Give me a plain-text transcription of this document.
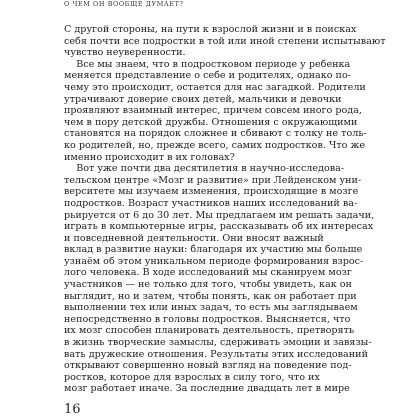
О ЧЕМ ОН ВООБЩЕ ДУМАЕТ?
С другой стороны, на пути к взрослой жизни и в поисках
себя почти все подростки в той или иной степени испытывают
чувство неуверенности.
Все мы знаем, что в подростковом периоде у ребенка
меняется представление о себе и родителях, однако по-
чему это происходит, остается для нас загадкой. Родители
утрачивают доверие своих детей, мальчики и девочки
проявляют взаимный интерес, причем совсем иного рода,
чем в пору детской дружбы. Отношения с окружающими
становятся на порядок сложнее и сбивают с толку не толь-
ко родителей, но, прежде всего, самих подростков. Что же
именно происходит в их головах?
Вот уже почти два десятилетия в научно-исследова-
тельском центре «Мозг и развитие» при Лейденском уни-
верситете мы изучаем изменения, происходящие в мозге
подростков. Возраст участников наших исследований ва-
рьируется от 6 до 30 лет. Мы предлагаем им решать задачи,
играть в компьютерные игры, рассказывать об их интересах
и повседневной деятельности. Они вносят важный
вклад в развитие науки: благодаря их участию мы больше
узнаём об этом уникальном периоде формирования взрос-
лого человека. В ходе исследований мы сканируем мозг
участников — не только для того, чтобы увидеть, как он
выглядит, но и затем, чтобы понять, как он работает при
выполнении тех или иных задач, то есть мы заглядываем
непосредственно в головы подростков. Выясняется, что
их мозг способен планировать деятельность, претворять
в жизнь творческие замыслы, сдерживать эмоции и завязы-
вать дружеские отношения. Результаты этих исследований
открывают совершенно новый взгляд на поведение под-
ростков, которое для взрослых в силу того, что их
мозг работает иначе. За последние двадцать лет в мире
16
